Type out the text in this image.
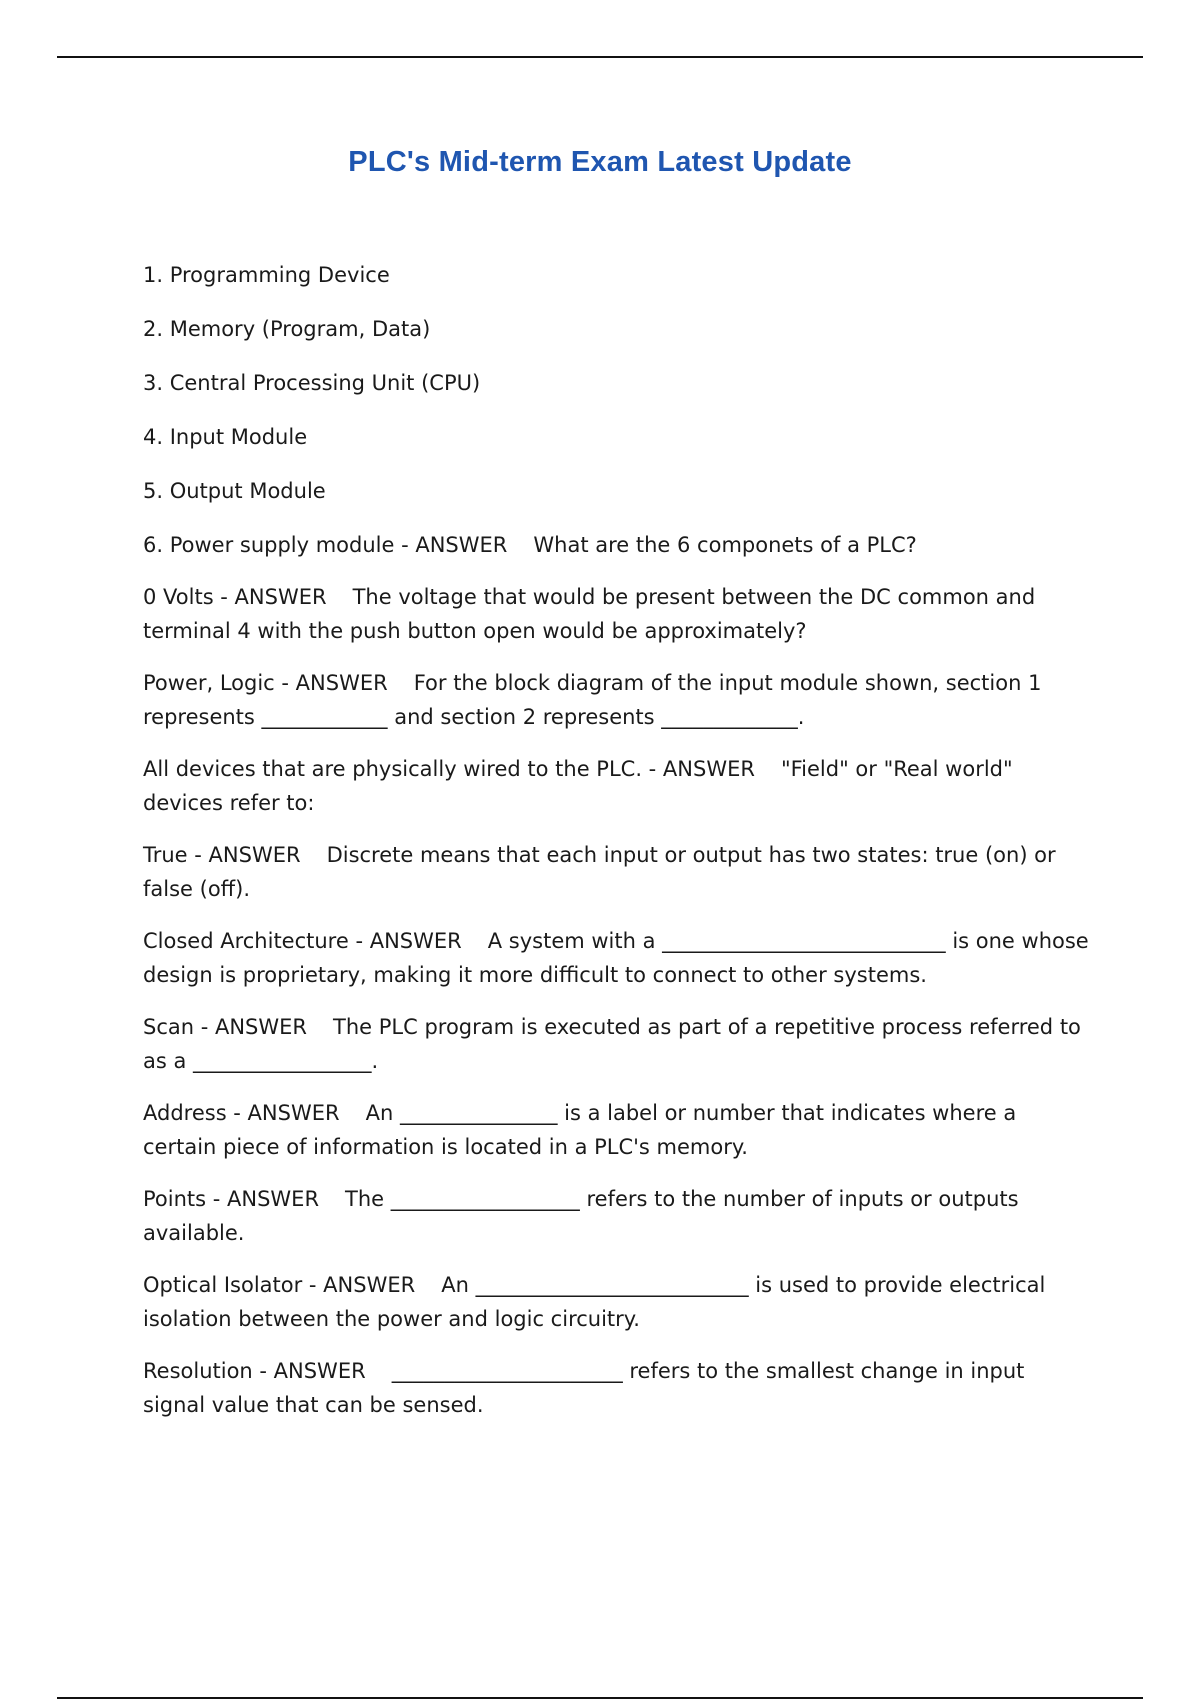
PLC's Mid-term Exam Latest Update

1. Programming Device

2. Memory (Program, Data)

3. Central Processing Unit (CPU)

4. Input Module

5. Output Module

6. Power supply module - ANSWER What are the 6 componets of a PLC?

0 Volts - ANSWER The voltage that would be present between the DC common and terminal 4 with the push button open would be approximately?

Power, Logic - ANSWER For the block diagram of the input module shown, section 1 represents ____________ and section 2 represents _____________.

All devices that are physically wired to the PLC. - ANSWER "Field" or "Real world" devices refer to:

True - ANSWER Discrete means that each input or output has two states: true (on) or false (off).

Closed Architecture - ANSWER A system with a ___________________________ is one whose design is proprietary, making it more difficult to connect to other systems.

Scan - ANSWER The PLC program is executed as part of a repetitive process referred to as a _________________.

Address - ANSWER An _______________ is a label or number that indicates where a certain piece of information is located in a PLC's memory.

Points - ANSWER The __________________ refers to the number of inputs or outputs available.

Optical Isolator - ANSWER An __________________________ is used to provide electrical isolation between the power and logic circuitry.

Resolution - ANSWER ______________________ refers to the smallest change in input signal value that can be sensed.
